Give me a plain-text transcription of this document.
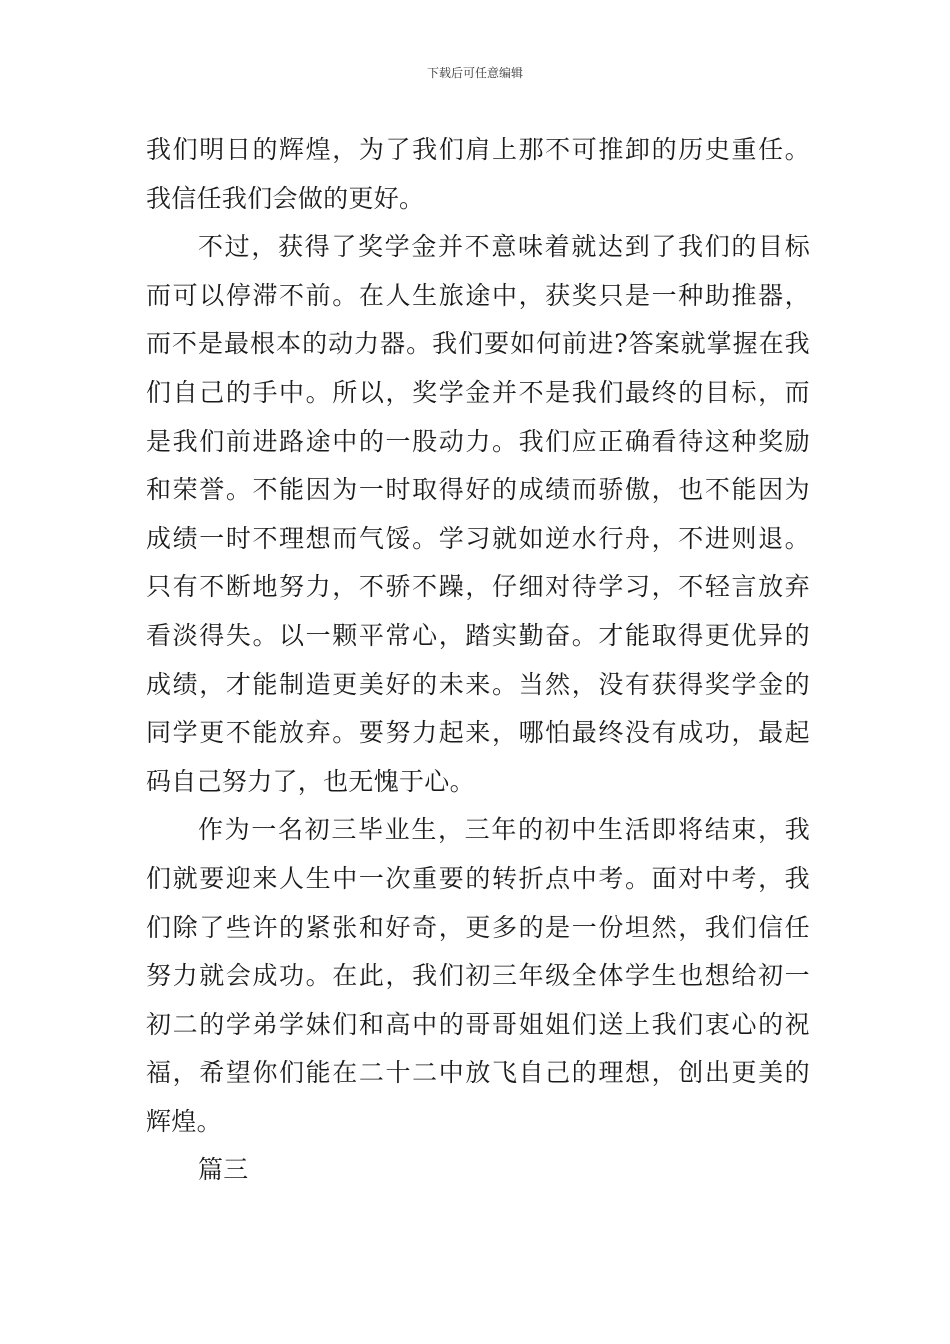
下载后可任意编辑
我们明日的辉煌，为了我们肩上那不可推卸的历史重任。
我信任我们会做的更好。
不过，获得了奖学金并不意味着就达到了我们的目标
而可以停滞不前。在人生旅途中，获奖只是一种助推器，
而不是最根本的动力器。我们要如何前进?答案就掌握在我
们自己的手中。所以，奖学金并不是我们最终的目标，而
是我们前进路途中的一股动力。我们应正确看待这种奖励
和荣誉。不能因为一时取得好的成绩而骄傲，也不能因为
成绩一时不理想而气馁。学习就如逆水行舟，不进则退。
只有不断地努力，不骄不躁，仔细对待学习，不轻言放弃
看淡得失。以一颗平常心，踏实勤奋。才能取得更优异的
成绩，才能制造更美好的未来。当然，没有获得奖学金的
同学更不能放弃。要努力起来，哪怕最终没有成功，最起
码自己努力了，也无愧于心。
作为一名初三毕业生，三年的初中生活即将结束，我
们就要迎来人生中一次重要的转折点中考。面对中考，我
们除了些许的紧张和好奇，更多的是一份坦然，我们信任
努力就会成功。在此，我们初三年级全体学生也想给初一
初二的学弟学妹们和高中的哥哥姐姐们送上我们衷心的祝
福，希望你们能在二十二中放飞自己的理想，创出更美的
辉煌。
篇三
